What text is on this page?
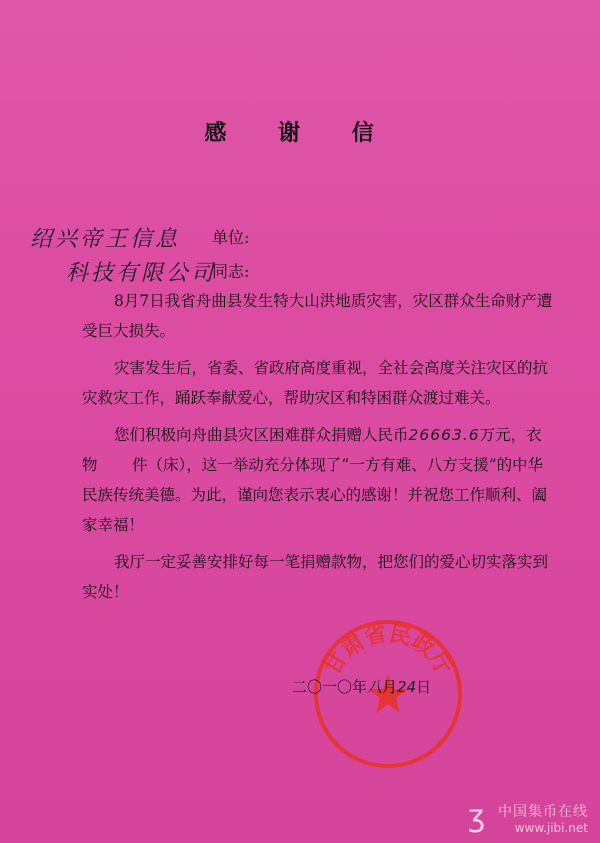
感 谢 信
绍兴帝王信息
科技有限公司
单位:
同志:

8月7日我省舟曲县发生特大山洪地质灾害，灾区群众生命财产遭受巨大损失。

灾害发生后，省委、省政府高度重视，全社会高度关注灾区的抗灾救灾工作，踊跃奉献爱心，帮助灾区和特困群众渡过难关。

您们积极向舟曲县灾区困难群众捐赠人民币26663.6万元，衣物 件（床），这一举动充分体现了“一方有难、八方支援”的中华民族传统美德。为此，谨向您表示衷心的感谢！并祝您工作顺利、阖家幸福！

我厅一定妥善安排好每一笔捐赠款物，把您们的爱心切实落实到实处！

甘肃省民政厅
二〇一〇年八月24日
ʒ 中国集币在线
www.jibi.net
